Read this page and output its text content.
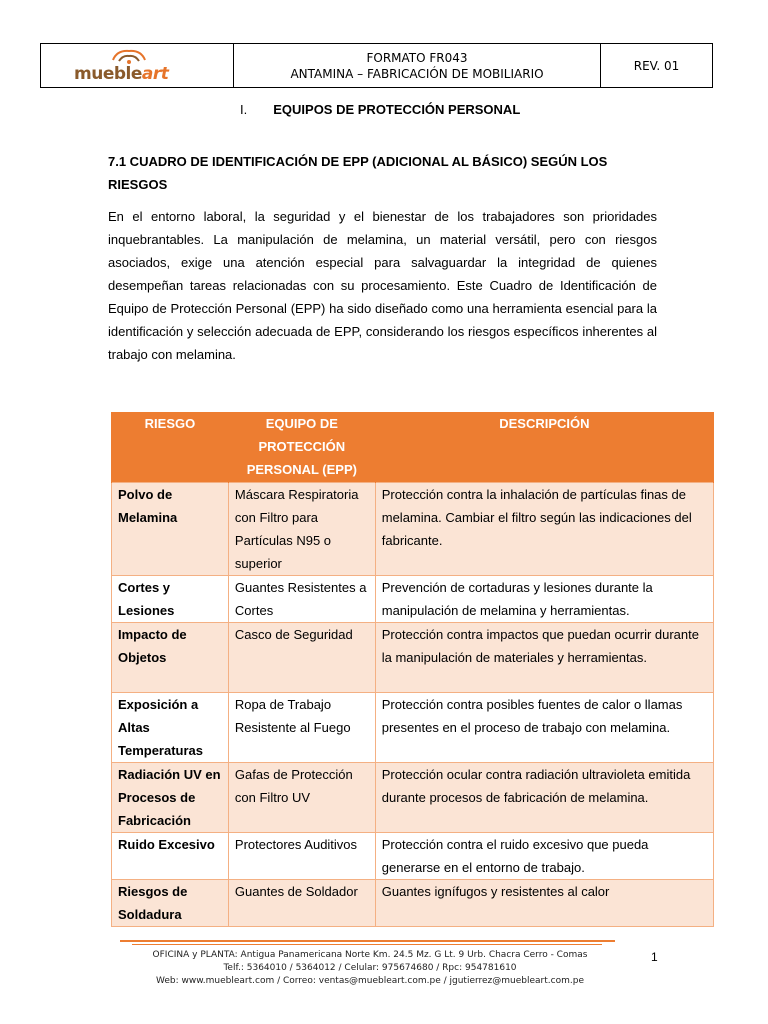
muebleart
FORMATO FR043
ANTAMINA – FABRICACIÓN DE MOBILIARIO
REV. 01
I. EQUIPOS DE PROTECCIÓN PERSONAL
7.1 CUADRO DE IDENTIFICACIÓN DE EPP (ADICIONAL AL BÁSICO) SEGÚN LOS RIESGOS
En el entorno laboral, la seguridad y el bienestar de los trabajadores son prioridades inquebrantables. La manipulación de melamina, un material versátil, pero con riesgos asociados, exige una atención especial para salvaguardar la integridad de quienes desempeñan tareas relacionadas con su procesamiento. Este Cuadro de Identificación de Equipo de Protección Personal (EPP) ha sido diseñado como una herramienta esencial para la identificación y selección adecuada de EPP, considerando los riesgos específicos inherentes al trabajo con melamina.
RIESGO	EQUIPO DE PROTECCIÓN PERSONAL (EPP)	DESCRIPCIÓN
Polvo de Melamina	Máscara Respiratoria con Filtro para Partículas N95 o superior	Protección contra la inhalación de partículas finas de melamina. Cambiar el filtro según las indicaciones del fabricante.
Cortes y Lesiones	Guantes Resistentes a Cortes	Prevención de cortaduras y lesiones durante la manipulación de melamina y herramientas.
Impacto de Objetos	Casco de Seguridad	Protección contra impactos que puedan ocurrir durante la manipulación de materiales y herramientas.
Exposición a Altas Temperaturas	Ropa de Trabajo Resistente al Fuego	Protección contra posibles fuentes de calor o llamas presentes en el proceso de trabajo con melamina.
Radiación UV en Procesos de Fabricación	Gafas de Protección con Filtro UV	Protección ocular contra radiación ultravioleta emitida durante procesos de fabricación de melamina.
Ruido Excesivo	Protectores Auditivos	Protección contra el ruido excesivo que pueda generarse en el entorno de trabajo.
Riesgos de Soldadura	Guantes de Soldador	Guantes ignífugos y resistentes al calor
OFICINA y PLANTA: Antigua Panamericana Norte Km. 24.5 Mz. G Lt. 9 Urb. Chacra Cerro - Comas
Telf.: 5364010 / 5364012 / Celular: 975674680 / Rpc: 954781610
Web: www.muebleart.com / Correo: ventas@muebleart.com.pe / jgutierrez@muebleart.com.pe
1
